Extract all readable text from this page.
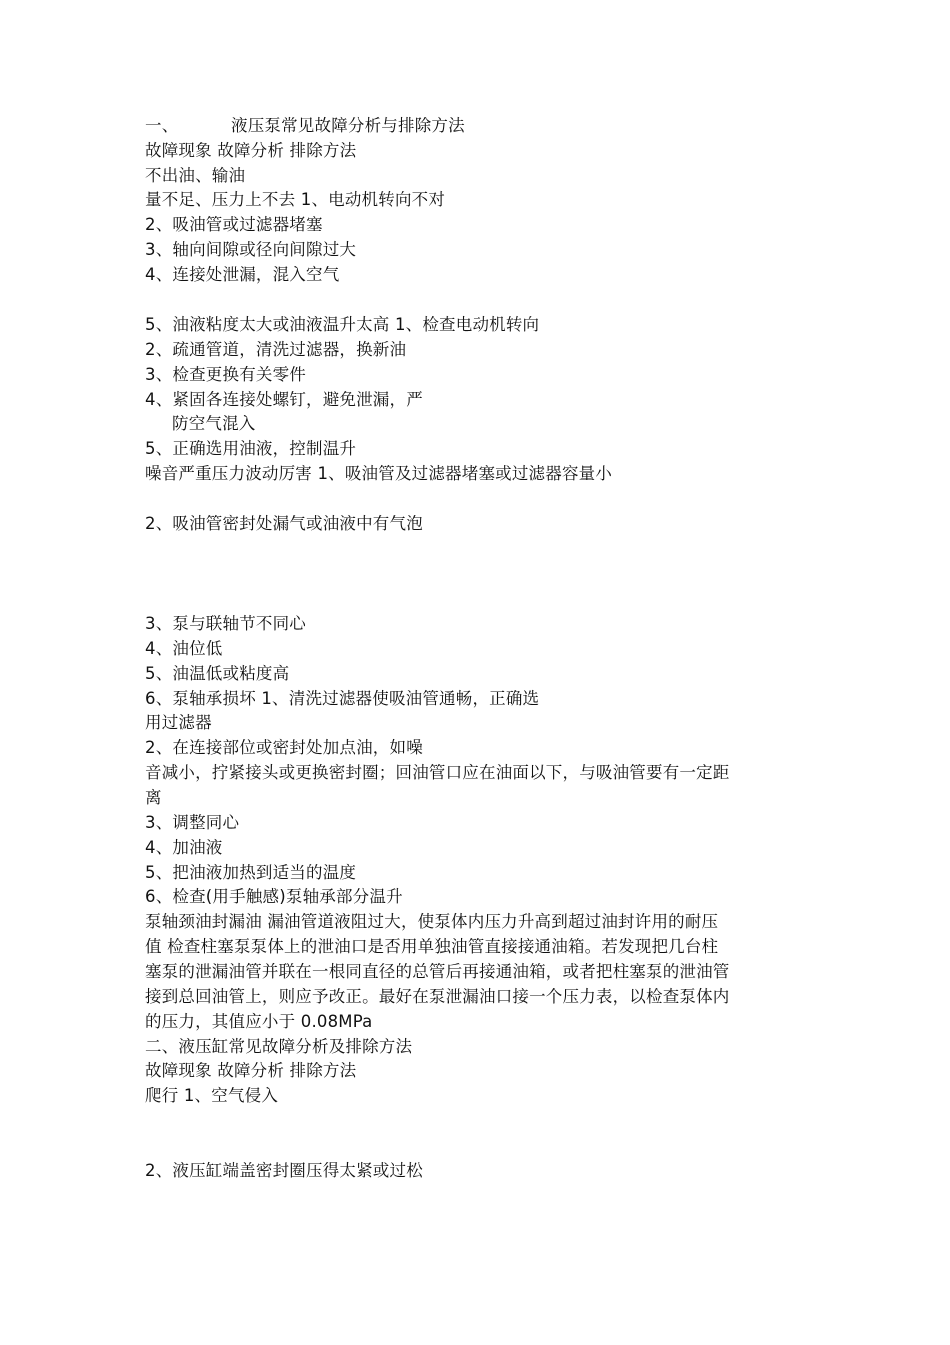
一、	液压泵常见故障分析与排除方法
故障现象 故障分析 排除方法
不出油、输油
量不足、压力上不去 1、电动机转向不对
2、吸油管或过滤器堵塞
3、轴向间隙或径向间隙过大
4、连接处泄漏，混入空气
5、油液粘度太大或油液温升太高 1、检查电动机转向
2、疏通管道，清洗过滤器，换新油
3、检查更换有关零件
4、紧固各连接处螺钉，避免泄漏，严
防空气混入
5、正确选用油液，控制温升
噪音严重压力波动厉害 1、吸油管及过滤器堵塞或过滤器容量小
2、吸油管密封处漏气或油液中有气泡
3、泵与联轴节不同心
4、油位低
5、油温低或粘度高
6、泵轴承损坏 1、清洗过滤器使吸油管通畅，正确选
用过滤器
2、在连接部位或密封处加点油，如噪
音减小，拧紧接头或更换密封圈；回油管口应在油面以下，与吸油管要有一定距
离
3、调整同心
4、加油液
5、把油液加热到适当的温度
6、检查(用手触感)泵轴承部分温升
泵轴颈油封漏油 漏油管道液阻过大，使泵体内压力升高到超过油封许用的耐压
值 检查柱塞泵泵体上的泄油口是否用单独油管直接接通油箱。若发现把几台柱
塞泵的泄漏油管并联在一根同直径的总管后再接通油箱，或者把柱塞泵的泄油管
接到总回油管上，则应予改正。最好在泵泄漏油口接一个压力表，以检查泵体内
的压力，其值应小于 0.08MPa
二、液压缸常见故障分析及排除方法
故障现象 故障分析 排除方法
爬行 1、空气侵入
2、液压缸端盖密封圈压得太紧或过松
